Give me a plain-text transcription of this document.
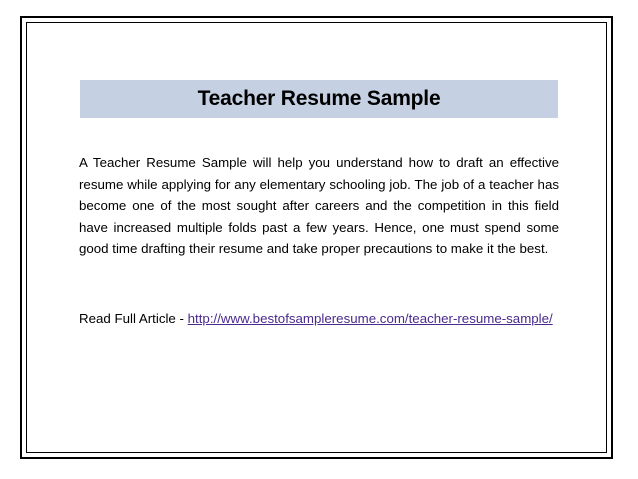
Teacher Resume Sample

A Teacher Resume Sample will help you understand how to draft an effective resume while applying for any elementary schooling job. The job of a teacher has become one of the most sought after careers and the competition in this field have increased multiple folds past a few years. Hence, one must spend some good time drafting their resume and take proper precautions to make it the best.

Read Full Article - http://www.bestofsampleresume.com/teacher-resume-sample/
